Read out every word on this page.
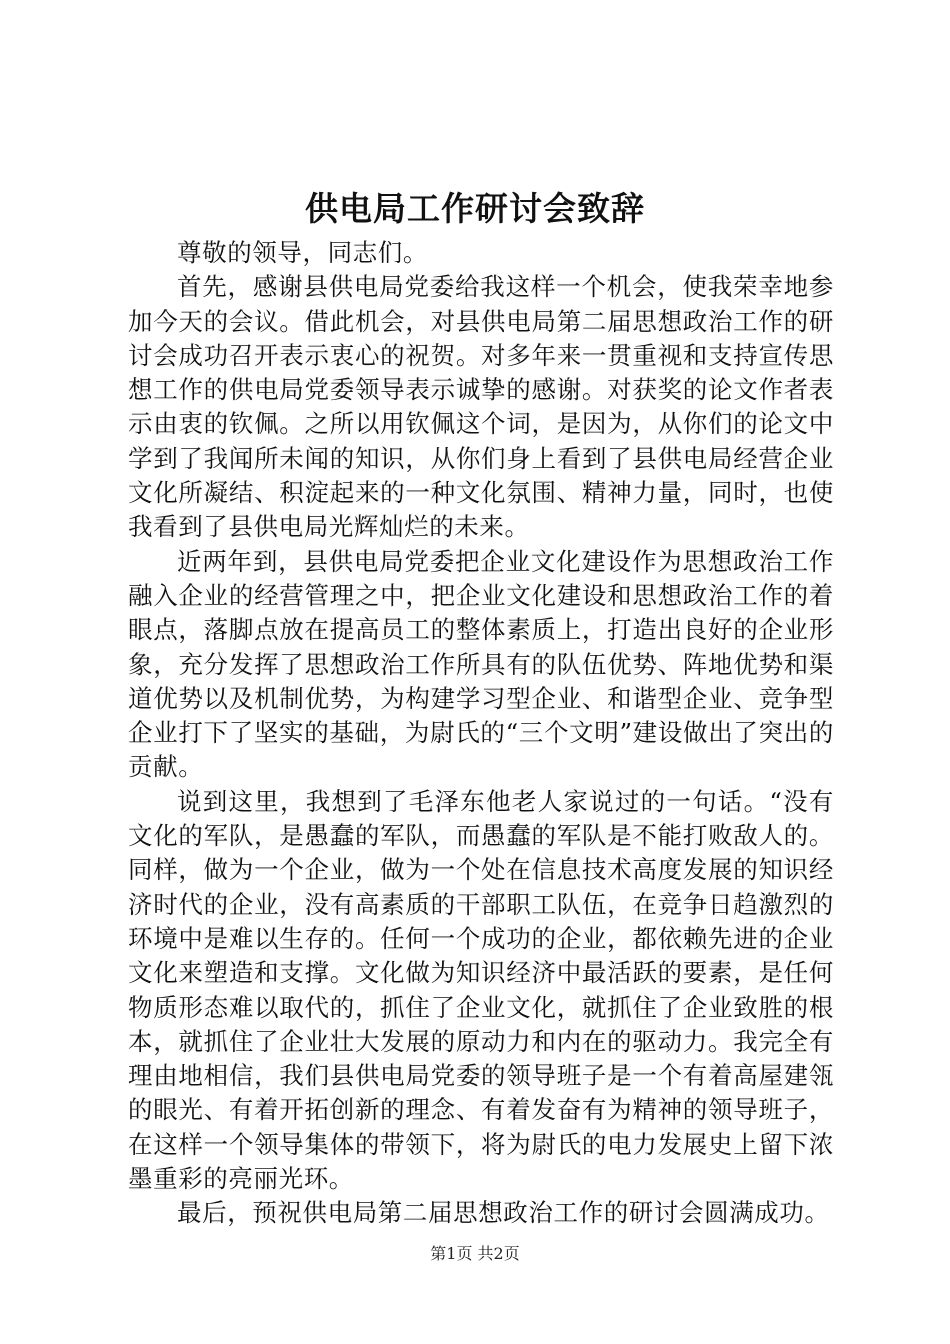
供电局工作研讨会致辞

尊敬的领导，同志们。

首先，感谢县供电局党委给我这样一个机会，使我荣幸地参加今天的会议。借此机会，对县供电局第二届思想政治工作的研讨会成功召开表示衷心的祝贺。对多年来一贯重视和支持宣传思想工作的供电局党委领导表示诚挚的感谢。对获奖的论文作者表示由衷的钦佩。之所以用钦佩这个词，是因为，从你们的论文中学到了我闻所未闻的知识，从你们身上看到了县供电局经营企业文化所凝结、积淀起来的一种文化氛围、精神力量，同时，也使我看到了县供电局光辉灿烂的未来。

近两年到，县供电局党委把企业文化建设作为思想政治工作融入企业的经营管理之中，把企业文化建设和思想政治工作的着眼点，落脚点放在提高员工的整体素质上，打造出良好的企业形象，充分发挥了思想政治工作所具有的队伍优势、阵地优势和渠道优势以及机制优势，为构建学习型企业、和谐型企业、竞争型企业打下了坚实的基础，为尉氏的“三个文明”建设做出了突出的贡献。

说到这里，我想到了毛泽东他老人家说过的一句话。“没有文化的军队，是愚蠢的军队，而愚蠢的军队是不能打败敌人的。同样，做为一个企业，做为一个处在信息技术高度发展的知识经济时代的企业，没有高素质的干部职工队伍，在竞争日趋激烈的环境中是难以生存的。任何一个成功的企业，都依赖先进的企业文化来塑造和支撑。文化做为知识经济中最活跃的要素，是任何物质形态难以取代的，抓住了企业文化，就抓住了企业致胜的根本，就抓住了企业壮大发展的原动力和内在的驱动力。我完全有理由地相信，我们县供电局党委的领导班子是一个有着高屋建瓴的眼光、有着开拓创新的理念、有着发奋有为精神的领导班子，在这样一个领导集体的带领下，将为尉氏的电力发展史上留下浓墨重彩的亮丽光环。

最后，预祝供电局第二届思想政治工作的研讨会圆满成功。

第1页 共2页
